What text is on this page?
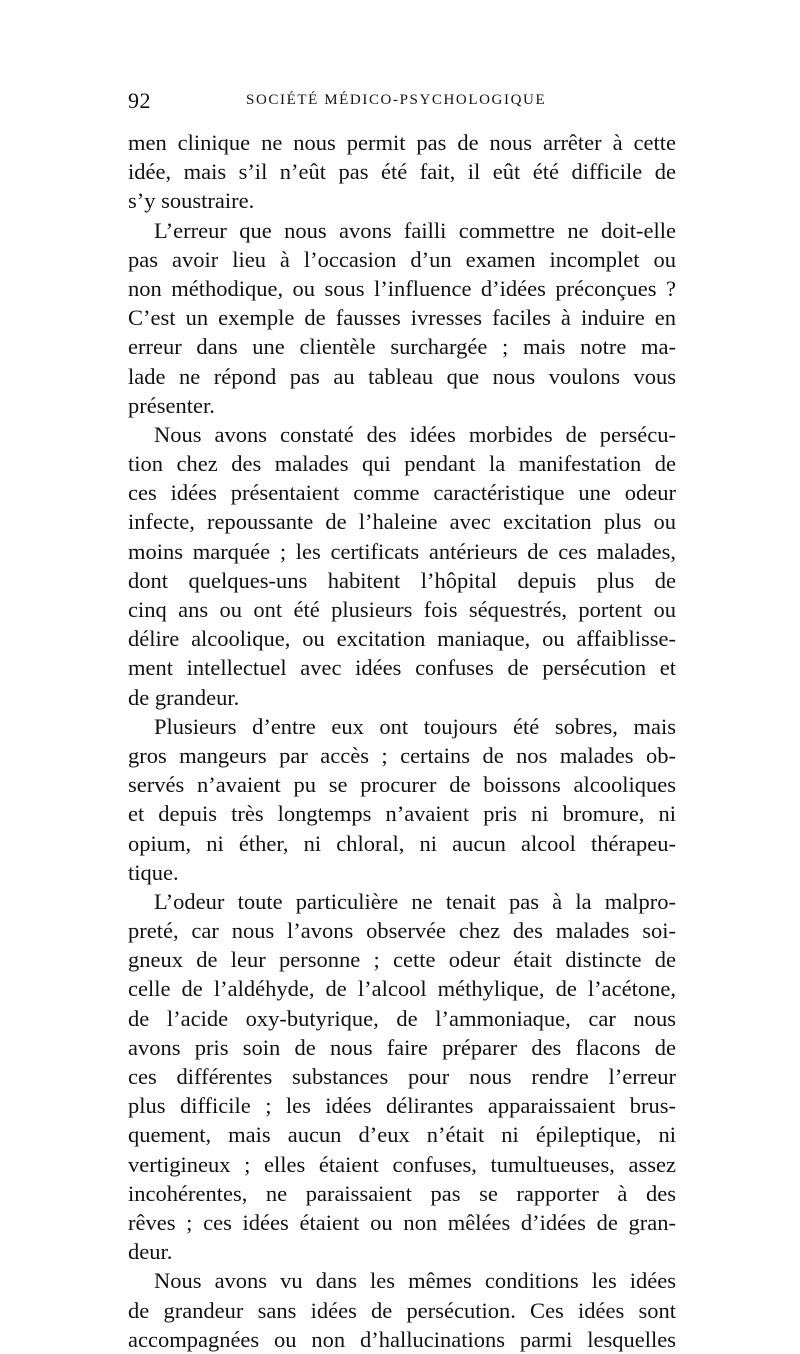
92	SOCIÉTÉ MÉDICO-PSYCHOLOGIQUE
men clinique ne nous permit pas de nous arrêter à cette
idée, mais s’il n’eût pas été fait, il eût été difficile de
s’y soustraire.
L’erreur que nous avons failli commettre ne doit-elle
pas avoir lieu à l’occasion d’un examen incomplet ou
non méthodique, ou sous l’influence d’idées préconçues ?
C’est un exemple de fausses ivresses faciles à induire en
erreur dans une clientèle surchargée ; mais notre ma-
lade ne répond pas au tableau que nous voulons vous
présenter.
Nous avons constaté des idées morbides de persécu-
tion chez des malades qui pendant la manifestation de
ces idées présentaient comme caractéristique une odeur
infecte, repoussante de l’haleine avec excitation plus ou
moins marquée ; les certificats antérieurs de ces malades,
dont quelques-uns habitent l’hôpital depuis plus de
cinq ans ou ont été plusieurs fois séquestrés, portent ou
délire alcoolique, ou excitation maniaque, ou affaiblisse-
ment intellectuel avec idées confuses de persécution et
de grandeur.
Plusieurs d’entre eux ont toujours été sobres, mais
gros mangeurs par accès ; certains de nos malades ob-
servés n’avaient pu se procurer de boissons alcooliques
et depuis très longtemps n’avaient pris ni bromure, ni
opium, ni éther, ni chloral, ni aucun alcool thérapeu-
tique.
L’odeur toute particulière ne tenait pas à la malpro-
preté, car nous l’avons observée chez des malades soi-
gneux de leur personne ; cette odeur était distincte de
celle de l’aldéhyde, de l’alcool méthylique, de l’acétone,
de l’acide oxy-butyrique, de l’ammoniaque, car nous
avons pris soin de nous faire préparer des flacons de
ces différentes substances pour nous rendre l’erreur
plus difficile ; les idées délirantes apparaissaient brus-
quement, mais aucun d’eux n’était ni épileptique, ni
vertigineux ; elles étaient confuses, tumultueuses, assez
incohérentes, ne paraissaient pas se rapporter à des
rêves ; ces idées étaient ou non mêlées d’idées de gran-
deur.
Nous avons vu dans les mêmes conditions les idées
de grandeur sans idées de persécution. Ces idées sont
accompagnées ou non d’hallucinations parmi lesquelles
